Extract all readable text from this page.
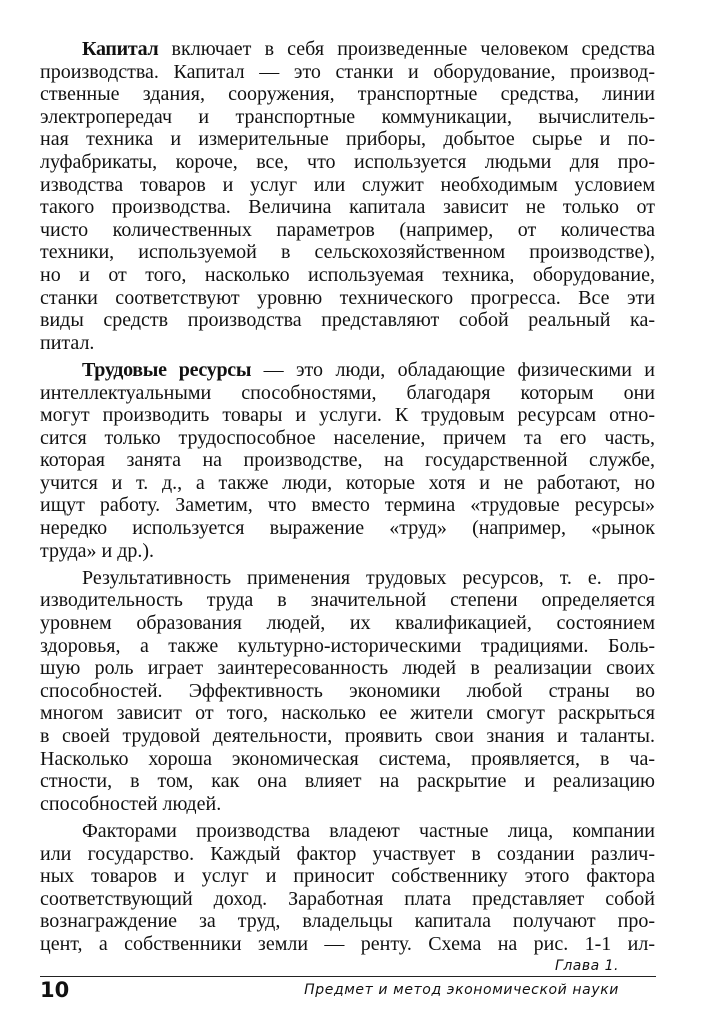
Капитал включает в себя произведенные человеком средства
производства. Капитал — это станки и оборудование, производ-
ственные здания, сооружения, транспортные средства, линии
электропередач и транспортные коммуникации, вычислитель-
ная техника и измерительные приборы, добытое сырье и по-
луфабрикаты, короче, все, что используется людьми для про-
изводства товаров и услуг или служит необходимым условием
такого производства. Величина капитала зависит не только от
чисто количественных параметров (например, от количества
техники, используемой в сельскохозяйственном производстве),
но и от того, насколько используемая техника, оборудование,
станки соответствуют уровню технического прогресса. Все эти
виды средств производства представляют собой реальный ка-
питал.
Трудовые ресурсы — это люди, обладающие физическими и
интеллектуальными способностями, благодаря которым они
могут производить товары и услуги. К трудовым ресурсам отно-
сится только трудоспособное население, причем та его часть,
которая занята на производстве, на государственной службе,
учится и т. д., а также люди, которые хотя и не работают, но
ищут работу. Заметим, что вместо термина «трудовые ресурсы»
нередко используется выражение «труд» (например, «рынок
труда» и др.).
Результативность применения трудовых ресурсов, т. е. про-
изводительность труда в значительной степени определяется
уровнем образования людей, их квалификацией, состоянием
здоровья, а также культурно-историческими традициями. Боль-
шую роль играет заинтересованность людей в реализации своих
способностей. Эффективность экономики любой страны во
многом зависит от того, насколько ее жители смогут раскрыться
в своей трудовой деятельности, проявить свои знания и таланты.
Насколько хороша экономическая система, проявляется, в ча-
стности, в том, как она влияет на раскрытие и реализацию
способностей людей.
Факторами производства владеют частные лица, компании
или государство. Каждый фактор участвует в создании различ-
ных товаров и услуг и приносит собственнику этого фактора
соответствующий доход. Заработная плата представляет собой
вознаграждение за труд, владельцы капитала получают про-
цент, а собственники земли — ренту. Схема на рис. 1-1 ил-
Глава 1.
10	Предмет и метод экономической науки
